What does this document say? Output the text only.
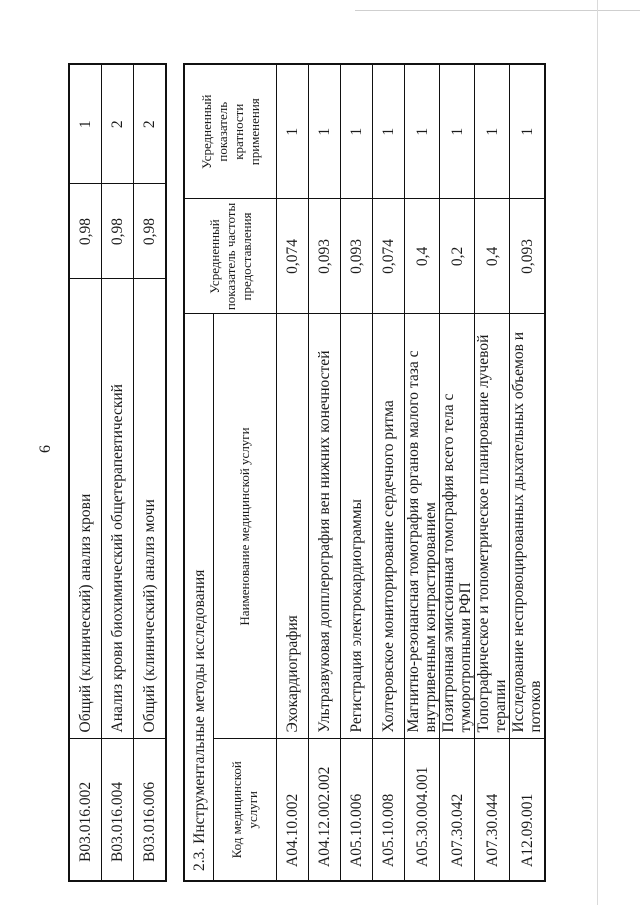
6
В03.016.002	Общий (клинический) анализ крови	0,98	1
В03.016.004	Анализ крови биохимический общетерапевтический	0,98	2
В03.016.006	Общий (клинический) анализ мочи	0,98	2
2.3. Инструментальные методы исследования		Усредненный показатель частоты предоставления	Усредненный показатель кратности применения

Код медицинской услуги	Наименование медицинской услуги		

А04.10.002	Эхокардиография	0,074	1
А04.12.002.002	Ультразвуковая допплерография вен нижних конечностей	0,093	1
А05.10.006	Регистрация электрокардиограммы	0,093	1
А05.10.008	Холтеровское мониторирование сердечного ритма	0,074	1
А05.30.004.001	Магнитно-резонансная томография органов малого таза с внутривенным контрастированием	0,4	1
А07.30.042	Позитронная эмиссионная томография всего тела с туморотропными РФП	0,2	1
А07.30.044	Топографическое и топометрическое планирование лучевой терапии	0,4	1
А12.09.001	Исследование неспровоцированных дыхательных объемов и потоков	0,093	1
